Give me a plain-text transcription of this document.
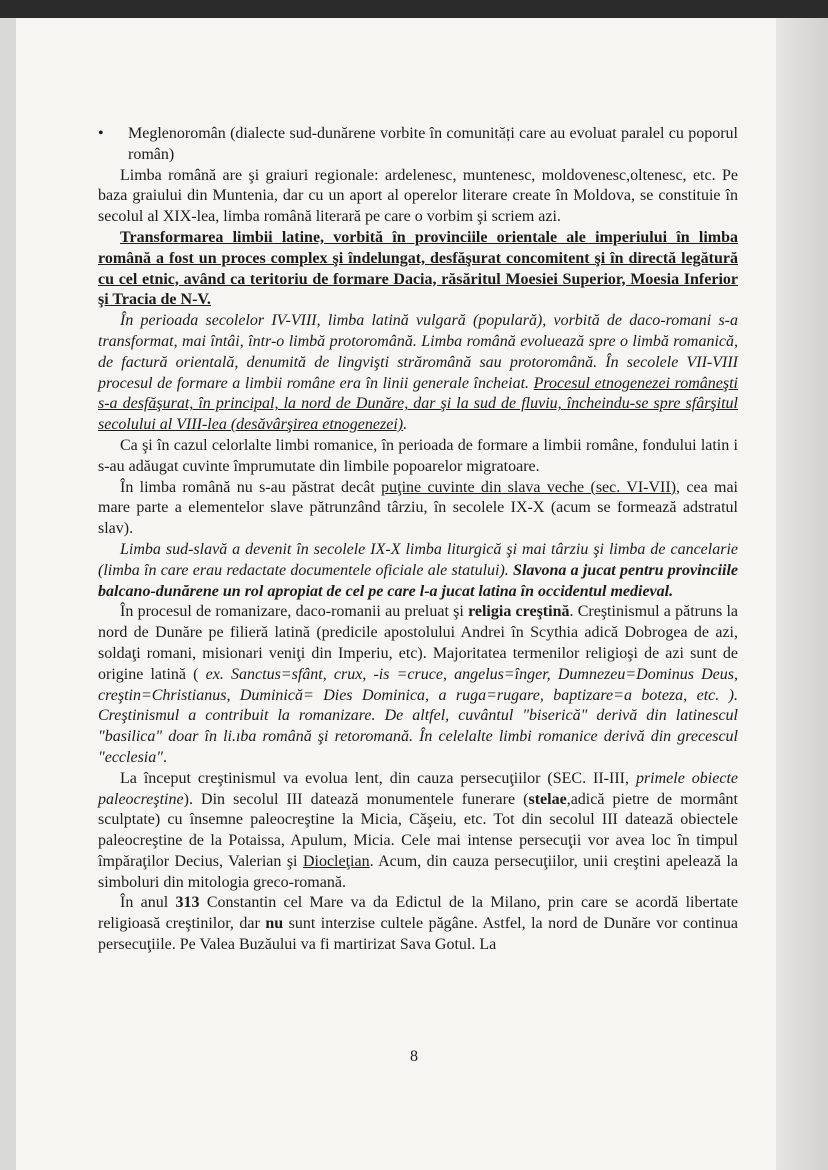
• Meglenoromân (dialecte sud-dunărene vorbite în comunități care au evoluat paralel cu poporul român)

Limba română are şi graiuri regionale: ardelenesc, muntenesc, moldovenesc,oltenesc, etc. Pe baza graiului din Muntenia, dar cu un aport al operelor literare create în Moldova, se constituie în secolul al XIX-lea, limba română literară pe care o vorbim şi scriem azi.

Transformarea limbii latine, vorbită în provinciile orientale ale imperiului în limba română a fost un proces complex şi îndelungat, desfăşurat concomitent şi în directă legătură cu cel etnic, având ca teritoriu de formare Dacia, răsăritul Moesiei Superior, Moesia Inferior şi Tracia de N-V.

În perioada secolelor IV-VIII, limba latină vulgară (populară), vorbită de daco-romani s-a transformat, mai întâi, într-o limbă protoromână. Limba română evoluează spre o limbă romanică, de factură orientală, denumită de lingvişti străromână sau protoromână. În secolele VII-VIII procesul de formare a limbii române era în linii generale încheiat. Procesul etnogenezei româneşti s-a desfăşurat, în principal, la nord de Dunăre, dar şi la sud de fluviu, încheindu-se spre sfârşitul secolului al VIII-lea (desăvârşirea etnogenezei).

Ca şi în cazul celorlalte limbi romanice, în perioada de formare a limbii române, fondului latin i s-au adăugat cuvinte împrumutate din limbile popoarelor migratoare.

În limba română nu s-au păstrat decât puţine cuvinte din slava veche (sec. VI-VII), cea mai mare parte a elementelor slave pătrunzând târziu, în secolele IX-X (acum se formează adstratul slav).

Limba sud-slavă a devenit în secolele IX-X limba liturgică şi mai târziu şi limba de cancelarie (limba în care erau redactate documentele oficiale ale statului). Slavona a jucat pentru provinciile balcano-dunărene un rol apropiat de cel pe care l-a jucat latina în occidentul medieval.

În procesul de romanizare, daco-romanii au preluat şi religia creştină. Creştinismul a pătruns la nord de Dunăre pe filieră latină (predicile apostolului Andrei în Scythia adică Dobrogea de azi, soldaţi romani, misionari veniţi din Imperiu, etc). Majoritatea termenilor religioşi de azi sunt de origine latină ( ex. Sanctus=sfânt, crux, -is =cruce, angelus=înger, Dumnezeu=Dominus Deus, creştin=Christianus, Duminică= Dies Dominica, a ruga=rugare, baptizare=a boteza, etc. ). Creştinismul a contribuit la romanizare. De altfel, cuvântul "biserică" derivă din latinescul "basilica" doar în li.ıba română şi retoromană. În celelalte limbi romanice derivă din grecescul "ecclesia".

La început creştinismul va evolua lent, din cauza persecuţiilor (SEC. II-III, primele obiecte paleocreştine). Din secolul III datează monumentele funerare (stelae,adică pietre de mormânt sculptate) cu însemne paleocreştine la Micia, Căşeiu, etc. Tot din secolul III datează obiectele paleocreştine de la Potaissa, Apulum, Micia. Cele mai intense persecuţii vor avea loc în timpul împăraţilor Decius, Valerian şi Diocleţian. Acum, din cauza persecuţiilor, unii creştini apelează la simboluri din mitologia greco-romană.

În anul 313 Constantin cel Mare va da Edictul de la Milano, prin care se acordă libertate religioasă creştinilor, dar nu sunt interzise cultele păgâne. Astfel, la nord de Dunăre vor continua persecuţiile. Pe Valea Buzăului va fi martirizat Sava Gotul. La

8
